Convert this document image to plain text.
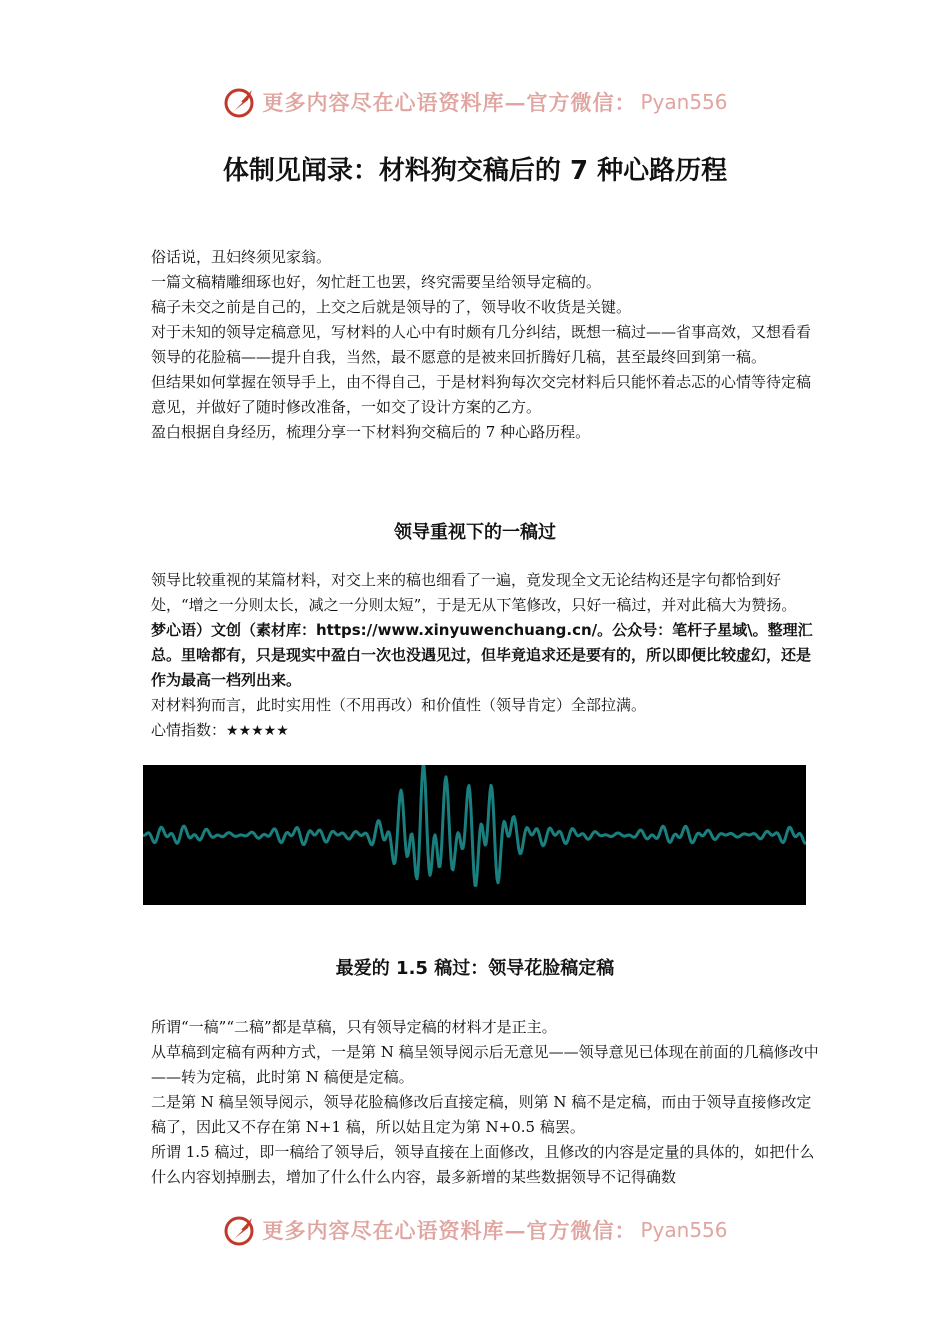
更多内容尽在心语资料库—官方微信： Pyan556
体制见闻录：材料狗交稿后的 7 种心路历程

俗话说，丑妇终须见家翁。

一篇文稿精雕细琢也好，匆忙赶工也罢，终究需要呈给领导定稿的。

稿子未交之前是自己的，上交之后就是领导的了，领导收不收货是关键。

对于未知的领导定稿意见，写材料的人心中有时颇有几分纠结，既想一稿过——省事高效，又想看看领导的花脸稿——提升自我，当然，最不愿意的是被来回折腾好几稿，甚至最终回到第一稿。

但结果如何掌握在领导手上，由不得自己，于是材料狗每次交完材料后只能怀着忐忑的心情等待定稿意见，并做好了随时修改准备，一如交了设计方案的乙方。

盈白根据自身经历，梳理分享一下材料狗交稿后的 7 种心路历程。

领导重视下的一稿过

领导比较重视的某篇材料，对交上来的稿也细看了一遍，竟发现全文无论结构还是字句都恰到好处，“增之一分则太长，减之一分则太短”，于是无从下笔修改，只好一稿过，并对此稿大为赞扬。

梦心语）文创（素材库：https://www.xinyuwenchuang.cn/。公众号：笔杆子星域\。整理汇总。里啥都有，只是现实中盈白一次也没遇见过，但毕竟追求还是要有的，所以即便比较虚幻，还是作为最高一档列出来。

对材料狗而言，此时实用性（不用再改）和价值性（领导肯定）全部拉满。

心情指数：★★★★★

最爱的 1.5 稿过：领导花脸稿定稿

所谓“一稿”“二稿”都是草稿，只有领导定稿的材料才是正主。

从草稿到定稿有两种方式，一是第 N 稿呈领导阅示后无意见——领导意见已体现在前面的几稿修改中——转为定稿，此时第 N 稿便是定稿。

二是第 N 稿呈领导阅示，领导花脸稿修改后直接定稿，则第 N 稿不是定稿，而由于领导直接修改定稿了，因此又不存在第 N+1 稿，所以姑且定为第 N+0.5 稿罢。

所谓 1.5 稿过，即一稿给了领导后，领导直接在上面修改，且修改的内容是定量的具体的，如把什么什么内容划掉删去，增加了什么什么内容，最多新增的某些数据领导不记得确数

更多内容尽在心语资料库—官方微信： Pyan556
